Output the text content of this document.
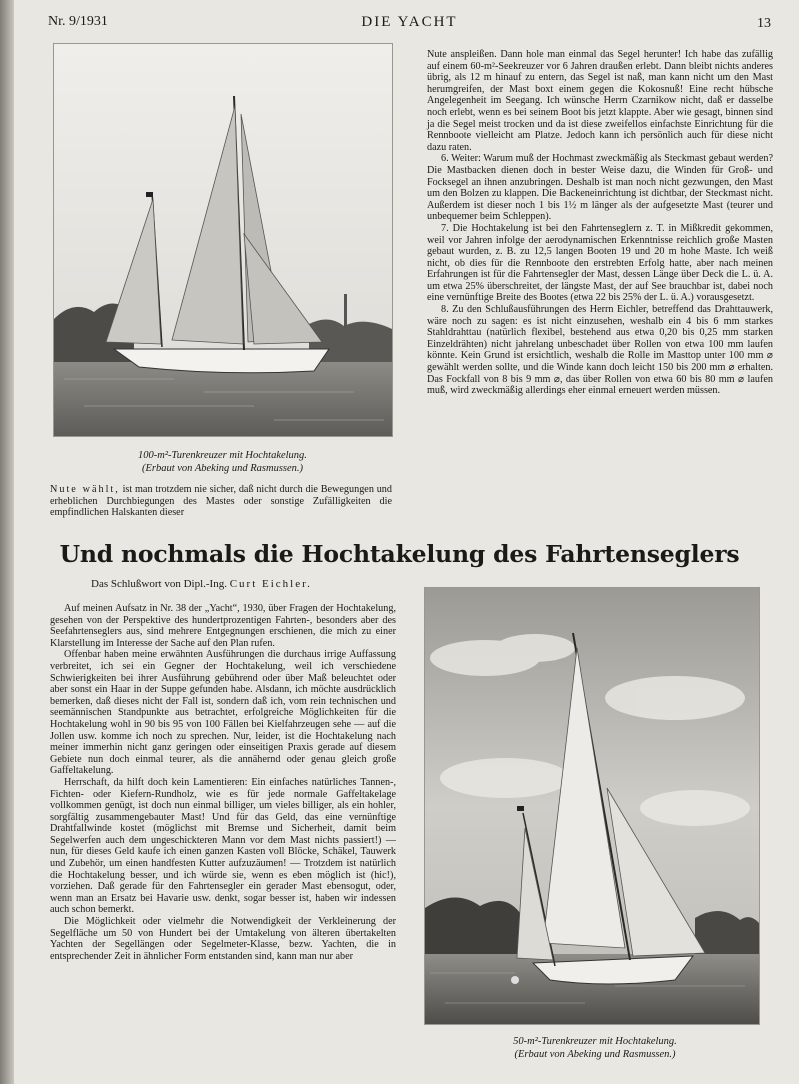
Nr. 9/1931	DIE YACHT	13
100-m²-Turenkreuzer mit Hochtakelung.
(Erbaut von Abeking und Rasmussen.)

Nute wählt, ist man trotzdem nie sicher, daß nicht durch die Bewegungen und erheblichen Durchbiegungen des Mastes oder sonstige Zufälligkeiten die empfindlichen Halskanten dieser

Nute anspleißen. Dann hole man einmal das Segel herunter! Ich habe das zufällig auf einem 60-m²-Seekreuzer vor 6 Jahren draußen erlebt. Dann bleibt nichts anderes übrig, als 12 m hinauf zu entern, das Segel ist naß, man kann nicht um den Mast herumgreifen, der Mast boxt einem gegen die Kokosnuß! Eine recht hübsche Angelegenheit im Seegang. Ich wünsche Herrn Czarnikow nicht, daß er dasselbe noch erlebt, wenn es bei seinem Boot bis jetzt klappte. Aber wie gesagt, binnen sind ja die Segel meist trocken und da ist diese zweifellos einfachste Einrichtung für die Rennboote vielleicht am Platze. Jedoch kann ich persönlich auch für diese nicht dazu raten.

6. Weiter: Warum muß der Hochmast zweckmäßig als Steckmast gebaut werden? Die Mastbacken dienen doch in bester Weise dazu, die Winden für Groß- und Focksegel an ihnen anzubringen. Deshalb ist man noch nicht gezwungen, den Mast um den Bolzen zu klappen. Die Backeneinrichtung ist dichtbar, der Steckmast nicht. Außerdem ist dieser noch 1 bis 1½ m länger als der aufgesetzte Mast (teurer und unbequemer beim Schleppen).

7. Die Hochtakelung ist bei den Fahrtenseglern z. T. in Mißkredit gekommen, weil vor Jahren infolge der aerodynamischen Erkenntnisse reichlich große Masten gebaut wurden, z. B. zu 12,5 langen Booten 19 und 20 m hohe Maste. Ich weiß nicht, ob dies für die Rennboote den erstrebten Erfolg hatte, aber nach meinen Erfahrungen ist für die Fahrtensegler der Mast, dessen Länge über Deck die L. ü. A. um etwa 25% überschreitet, der längste Mast, der auf See brauchbar ist, dabei noch eine vernünftige Breite des Bootes (etwa 22 bis 25% der L. ü. A.) vorausgesetzt.

8. Zu den Schlußausführungen des Herrn Eichler, betreffend das Drahttauwerk, wäre noch zu sagen: es ist nicht einzusehen, weshalb ein 4 bis 6 mm starkes Stahldrahttau (natürlich flexibel, bestehend aus etwa 0,20 bis 0,25 mm starken Einzeldrähten) nicht jahrelang unbeschadet über Rollen von etwa 100 mm laufen könnte. Kein Grund ist ersichtlich, weshalb die Rolle im Masttop unter 100 mm ⌀ gewählt werden sollte, und die Winde kann doch leicht 150 bis 200 mm ⌀ erhalten. Das Fockfall von 8 bis 9 mm ⌀, das über Rollen von etwa 60 bis 80 mm ⌀ laufen muß, wird zweckmäßig allerdings eher einmal erneuert werden müssen.

Und nochmals die Hochtakelung des Fahrtenseglers
Das Schlußwort von Dipl.-Ing. Curt Eichler.

Auf meinen Aufsatz in Nr. 38 der „Yacht“, 1930, über Fragen der Hochtakelung, gesehen von der Perspektive des hundertprozentigen Fahrten-, besonders aber des Seefahrtenseglers aus, sind mehrere Entgegnungen erschienen, die mich zu einer Klarstellung im Interesse der Sache auf den Plan rufen.

Offenbar haben meine erwähnten Ausführungen die durchaus irrige Auffassung verbreitet, ich sei ein Gegner der Hochtakelung, weil ich verschiedene Schwierigkeiten bei ihrer Ausführung gebührend oder über Maß beleuchtet oder aber sonst ein Haar in der Suppe gefunden habe. Alsdann, ich möchte ausdrücklich bemerken, daß dieses nicht der Fall ist, sondern daß ich, vom rein technischen und seemännischen Standpunkte aus betrachtet, erfolgreiche Möglichkeiten für die Hochtakelung wohl in 90 bis 95 von 100 Fällen bei Kielfahrzeugen sehe — auf die Jollen usw. komme ich noch zu sprechen. Nur, leider, ist die Hochtakelung nach meiner immerhin nicht ganz geringen oder einseitigen Praxis gerade auf diesem Gebiete nun doch einmal teurer, als die annähernd oder genau gleich große Gaffeltakelung.

Herrschaft, da hilft doch kein Lamentieren: Ein einfaches natürliches Tannen-, Fichten- oder Kiefern-Rundholz, wie es für jede normale Gaffeltakelage vollkommen genügt, ist doch nun einmal billiger, um vieles billiger, als ein hohler, sorgfältig zusammengebauter Mast! Und für das Geld, das eine vernünftige Drahtfallwinde kostet (möglichst mit Bremse und Sicherheit, damit beim Segelwerfen auch dem ungeschickteren Mann vor dem Mast nichts passiert!) — nun, für dieses Geld kaufe ich einen ganzen Kasten voll Blöcke, Schäkel, Tauwerk und Zubehör, um einen handfesten Kutter aufzuzäumen! — Trotzdem ist natürlich die Hochtakelung besser, und ich würde sie, wenn es eben möglich ist (hic!), vorziehen. Daß gerade für den Fahrtensegler ein gerader Mast ebensogut, oder, wenn man an Ersatz bei Havarie usw. denkt, sogar besser ist, haben wir indessen auch schon bemerkt.

Die Möglichkeit oder vielmehr die Notwendigkeit der Verkleinerung der Segelfläche um 50 von Hundert bei der Umtakelung von älteren übertakelten Yachten der Segellängen oder Segelmeter-Klasse, bezw. Yachten, die in entsprechender Zeit in ähnlicher Form entstanden sind, kann man nur aber

50-m²-Turenkreuzer mit Hochtakelung.
(Erbaut von Abeking und Rasmussen.)
